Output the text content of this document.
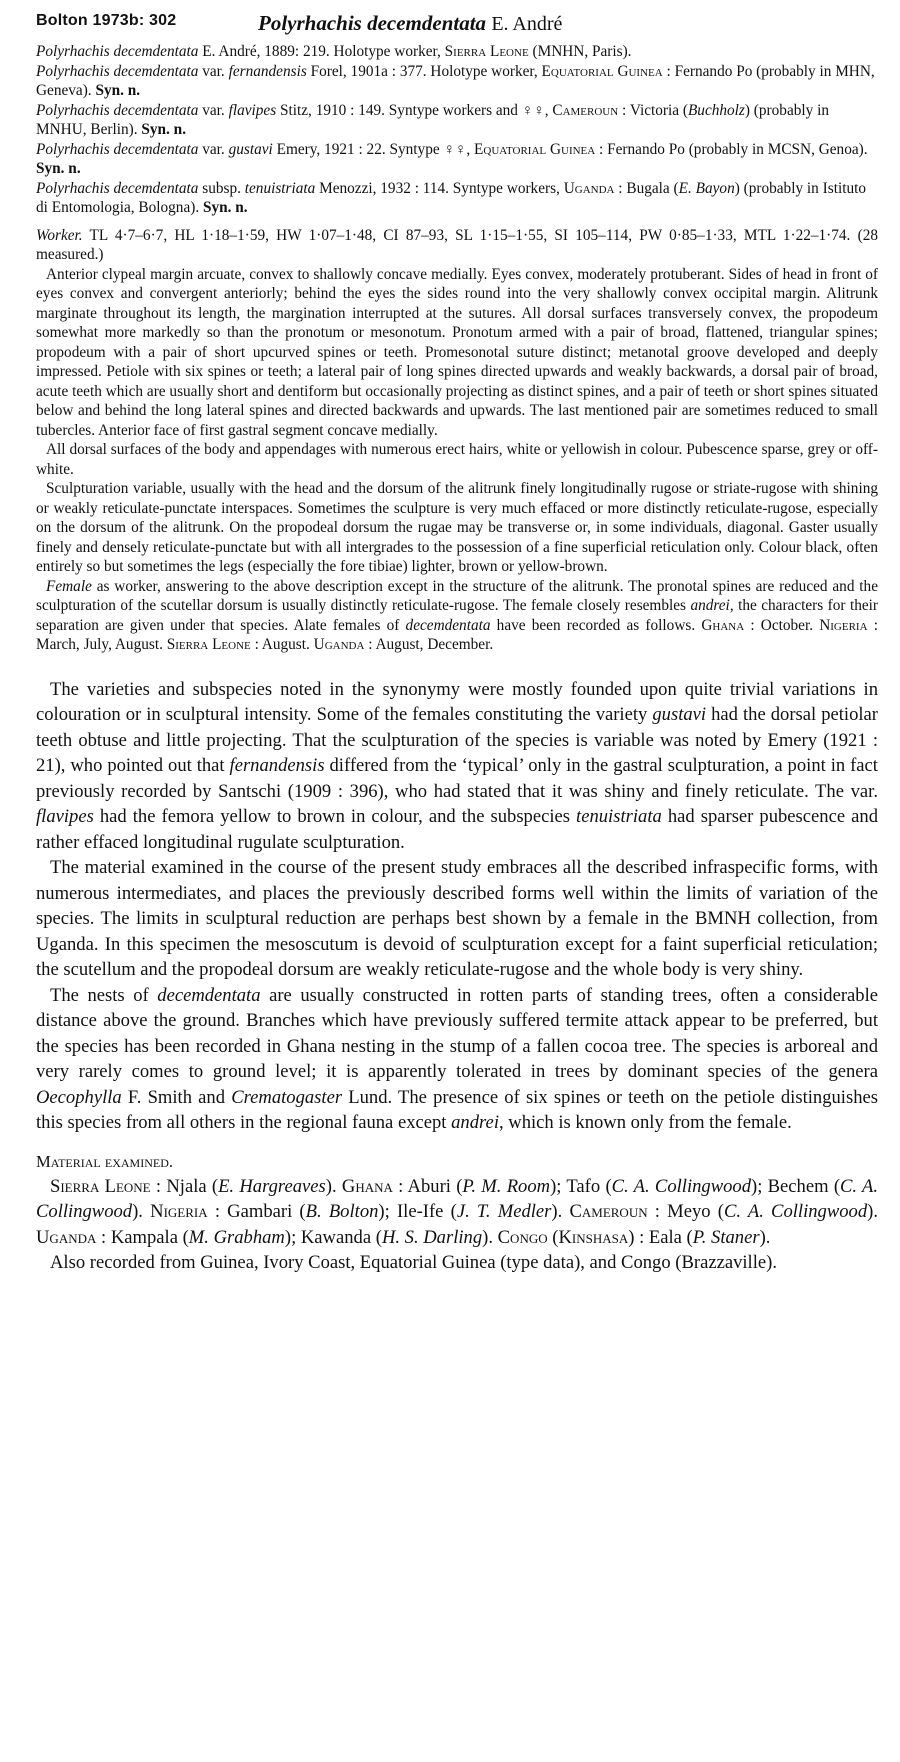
Bolton 1973b: 302	Polyrhachis decemdentata E. André

Polyrhachis decemdentata E. André, 1889: 219. Holotype worker, Sierra Leone (MNHN, Paris).

Polyrhachis decemdentata var. fernandensis Forel, 1901a : 377. Holotype worker, Equatorial Guinea : Fernando Po (probably in MHN, Geneva). Syn. n.

Polyrhachis decemdentata var. flavipes Stitz, 1910 : 149. Syntype workers and ♀♀, Cameroun : Victoria (Buchholz) (probably in MNHU, Berlin). Syn. n.

Polyrhachis decemdentata var. gustavi Emery, 1921 : 22. Syntype ♀♀, Equatorial Guinea : Fernando Po (probably in MCSN, Genoa). Syn. n.

Polyrhachis decemdentata subsp. tenuistriata Menozzi, 1932 : 114. Syntype workers, Uganda : Bugala (E. Bayon) (probably in Istituto di Entomologia, Bologna). Syn. n.

Worker. TL 4·7–6·7, HL 1·18–1·59, HW 1·07–1·48, CI 87–93, SL 1·15–1·55, SI 105–114, PW 0·85–1·33, MTL 1·22–1·74. (28 measured.)

Anterior clypeal margin arcuate, convex to shallowly concave medially. Eyes convex, moderately protuberant. Sides of head in front of eyes convex and convergent anteriorly; behind the eyes the sides round into the very shallowly convex occipital margin. Alitrunk marginate throughout its length, the margination interrupted at the sutures. All dorsal surfaces transversely convex, the propodeum somewhat more markedly so than the pronotum or mesonotum. Pronotum armed with a pair of broad, flattened, triangular spines; propodeum with a pair of short upcurved spines or teeth. Promesonotal suture distinct; metanotal groove developed and deeply impressed. Petiole with six spines or teeth; a lateral pair of long spines directed upwards and weakly backwards, a dorsal pair of broad, acute teeth which are usually short and dentiform but occasionally projecting as distinct spines, and a pair of teeth or short spines situated below and behind the long lateral spines and directed backwards and upwards. The last mentioned pair are sometimes reduced to small tubercles. Anterior face of first gastral segment concave medially.

All dorsal surfaces of the body and appendages with numerous erect hairs, white or yellowish in colour. Pubescence sparse, grey or off-white.

Sculpturation variable, usually with the head and the dorsum of the alitrunk finely longitudinally rugose or striate-rugose with shining or weakly reticulate-punctate interspaces. Sometimes the sculpture is very much effaced or more distinctly reticulate-rugose, especially on the dorsum of the alitrunk. On the propodeal dorsum the rugae may be transverse or, in some individuals, diagonal. Gaster usually finely and densely reticulate-punctate but with all intergrades to the possession of a fine superficial reticulation only. Colour black, often entirely so but sometimes the legs (especially the fore tibiae) lighter, brown or yellow-brown.

Female as worker, answering to the above description except in the structure of the alitrunk. The pronotal spines are reduced and the sculpturation of the scutellar dorsum is usually distinctly reticulate-rugose. The female closely resembles andrei, the characters for their separation are given under that species. Alate females of decemdentata have been recorded as follows. Ghana : October. Nigeria : March, July, August. Sierra Leone : August. Uganda : August, December.

The varieties and subspecies noted in the synonymy were mostly founded upon quite trivial variations in colouration or in sculptural intensity. Some of the females constituting the variety gustavi had the dorsal petiolar teeth obtuse and little projecting. That the sculpturation of the species is variable was noted by Emery (1921 : 21), who pointed out that fernandensis differed from the ‘typical’ only in the gastral sculpturation, a point in fact previously recorded by Santschi (1909 : 396), who had stated that it was shiny and finely reticulate. The var. flavipes had the femora yellow to brown in colour, and the subspecies tenuistriata had sparser pubescence and rather effaced longitudinal rugulate sculpturation.

The material examined in the course of the present study embraces all the described infraspecific forms, with numerous intermediates, and places the previously described forms well within the limits of variation of the species. The limits in sculptural reduction are perhaps best shown by a female in the BMNH collection, from Uganda. In this specimen the mesoscutum is devoid of sculpturation except for a faint superficial reticulation; the scutellum and the propodeal dorsum are weakly reticulate-rugose and the whole body is very shiny.

The nests of decemdentata are usually constructed in rotten parts of standing trees, often a considerable distance above the ground. Branches which have previously suffered termite attack appear to be preferred, but the species has been recorded in Ghana nesting in the stump of a fallen cocoa tree. The species is arboreal and very rarely comes to ground level; it is apparently tolerated in trees by dominant species of the genera Oecophylla F. Smith and Crematogaster Lund. The presence of six spines or teeth on the petiole distinguishes this species from all others in the regional fauna except andrei, which is known only from the female.

Material examined.

Sierra Leone : Njala (E. Hargreaves). Ghana : Aburi (P. M. Room); Tafo (C. A. Collingwood); Bechem (C. A. Collingwood). Nigeria : Gambari (B. Bolton); Ile-Ife (J. T. Medler). Cameroun : Meyo (C. A. Collingwood). Uganda : Kampala (M. Grabham); Kawanda (H. S. Darling). Congo (Kinshasa) : Eala (P. Staner).

Also recorded from Guinea, Ivory Coast, Equatorial Guinea (type data), and Congo (Brazzaville).
